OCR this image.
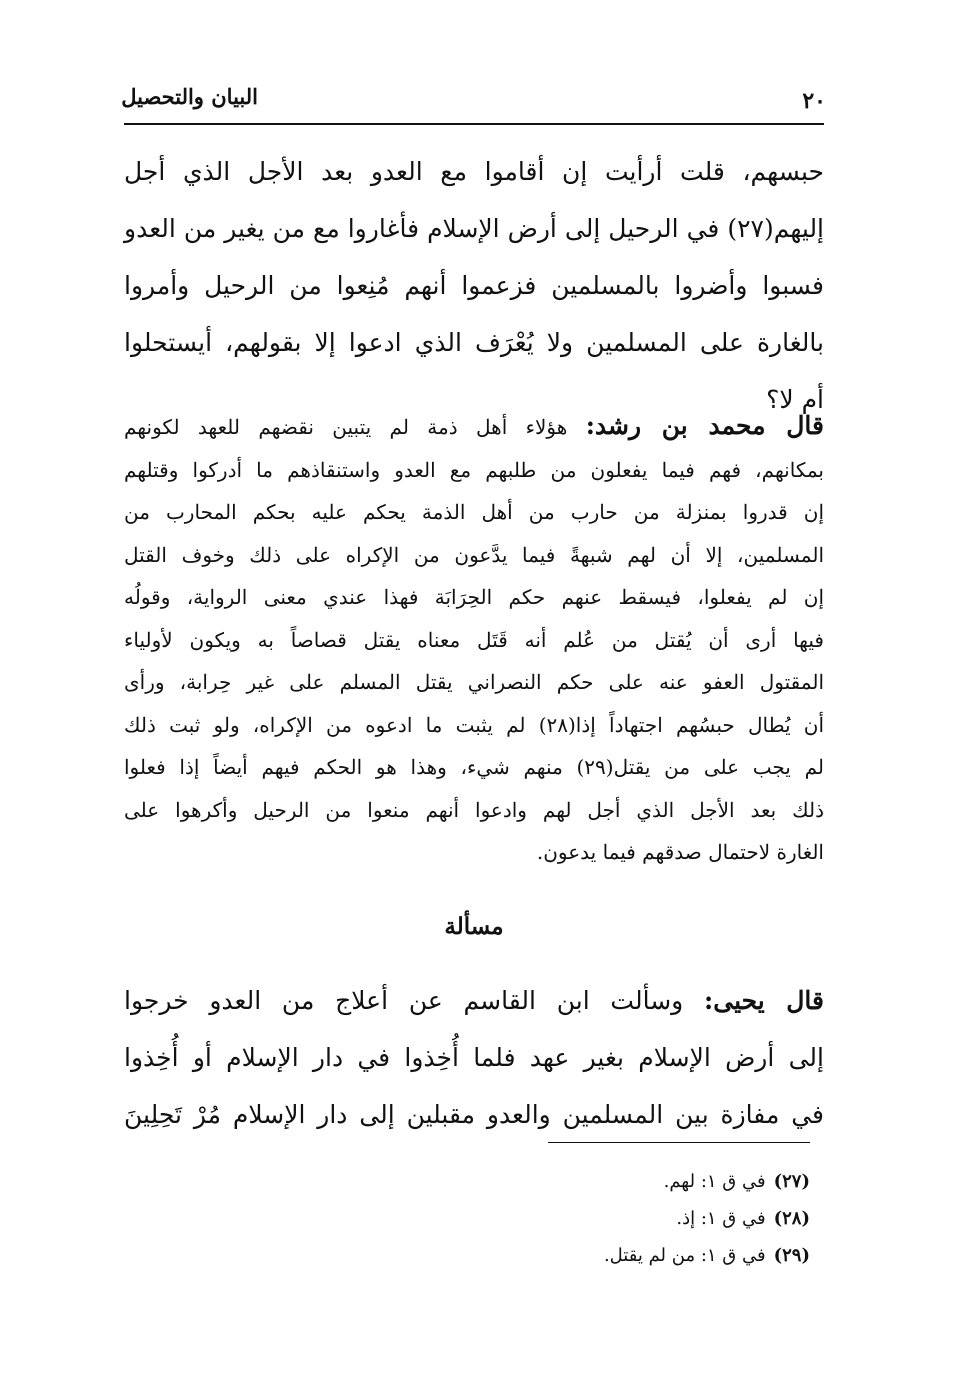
البيان والتحصيل	٢٠
حبسهم، قلت أرأيت إن أقاموا مع العدو بعد الأجل الذي أجل
إليهم(٢٧) في الرحيل إلى أرض الإسلام فأغاروا مع من يغير من العدو
فسبوا وأضروا بالمسلمين فزعموا أنهم مُنِعوا من الرحيل وأمروا
بالغارة على المسلمين ولا يُعْرَف الذي ادعوا إلا بقولهم، أيستحلوا
أم لا؟
قال محمد بن رشد: هؤلاء أهل ذمة لم يتبين نقضهم للعهد لكونهم
بمكانهم، فهم فيما يفعلون من طلبهم مع العدو واستنقاذهم ما أدركوا وقتلهم
إن قدروا بمنزلة من حارب من أهل الذمة يحكم عليه بحكم المحارب من
المسلمين، إلا أن لهم شبهةً فيما يدَّعون من الإكراه على ذلك وخوف القتل
إن لم يفعلوا، فيسقط عنهم حكم الحِرَابَة فهذا عندي معنى الرواية، وقولُه
فيها أرى أن يُقتل من عُلم أنه قَتَل معناه يقتل قصاصاً به ويكون لأولياء
المقتول العفو عنه على حكم النصراني يقتل المسلم على غير حِرابة، ورأى
أن يُطال حبسُهم اجتهاداً إذا(٢٨) لم يثبت ما ادعوه من الإكراه، ولو ثبت ذلك
لم يجب على من يقتل(٢٩) منهم شيء، وهذا هو الحكم فيهم أيضاً إذا فعلوا
ذلك بعد الأجل الذي أجل لهم وادعوا أنهم منعوا من الرحيل وأكرهوا على
الغارة لاحتمال صدقهم فيما يدعون.
مسألة
قال يحيى: وسألت ابن القاسم عن أعلاج من العدو خرجوا
إلى أرض الإسلام بغير عهد فلما أُخِذوا في دار الإسلام أو أُخِذوا
في مفازة بين المسلمين والعدو مقبلين إلى دار الإسلام مُرْ تَحِلِينَ
(٢٧)في ق ١: لهم.
(٢٨)في ق ١: إذ.
(٢٩)في ق ١: من لم يقتل.
